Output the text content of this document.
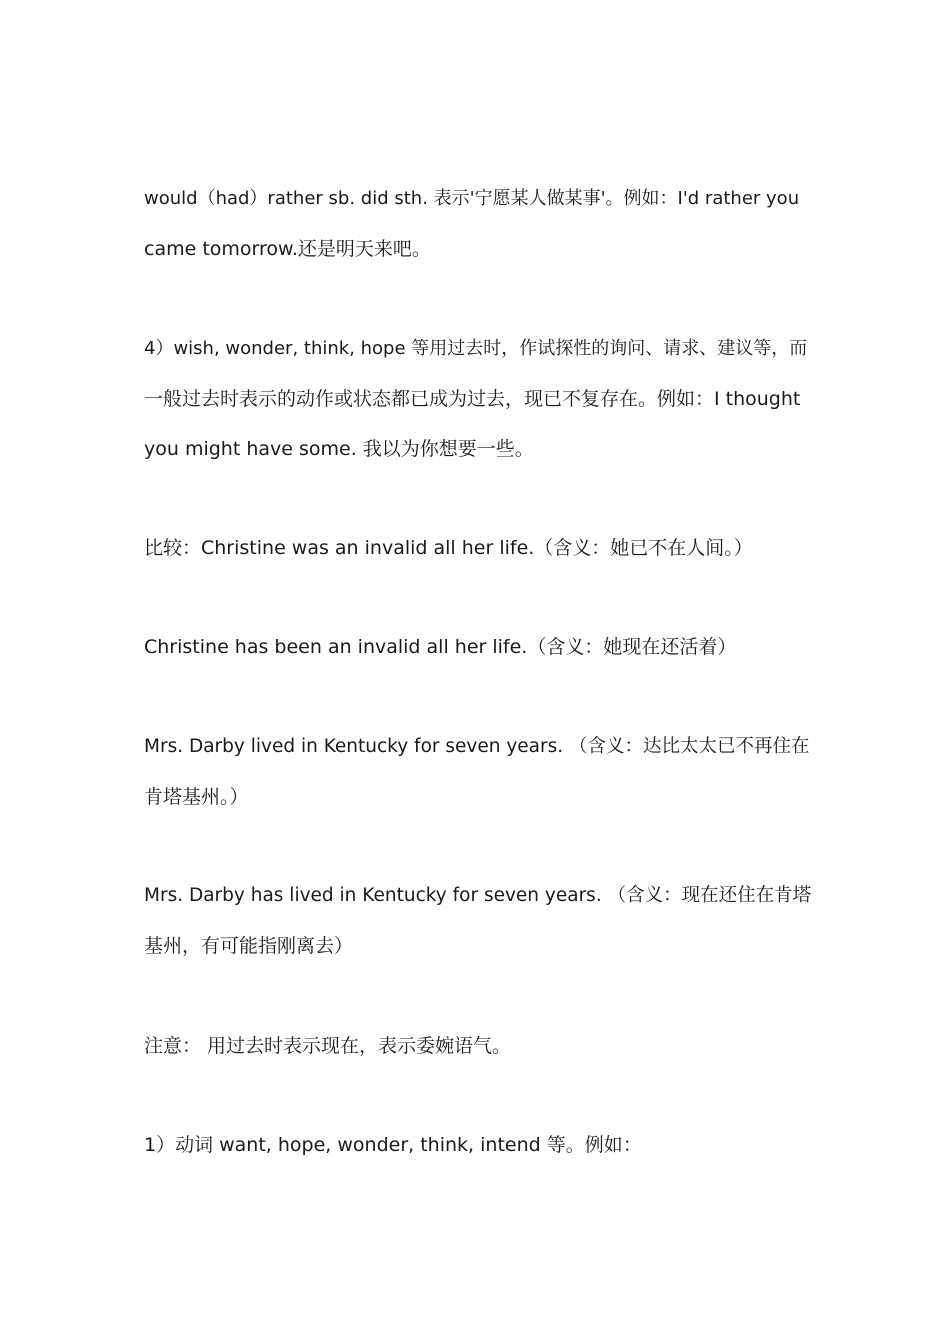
would（had）rather sb. did sth. 表示'宁愿某人做某事'。例如：I'd rather you
came tomorrow.还是明天来吧。
4）wish, wonder, think, hope 等用过去时，作试探性的询问、请求、建议等，而
一般过去时表示的动作或状态都已成为过去，现已不复存在。例如：I thought
you might have some. 我以为你想要一些。
比较：Christine was an invalid all her life.（含义：她已不在人间。）
Christine has been an invalid all her life.（含义：她现在还活着）
Mrs. Darby lived in Kentucky for seven years. （含义：达比太太已不再住在
肯塔基州。）
Mrs. Darby has lived in Kentucky for seven years. （含义：现在还住在肯塔
基州，有可能指刚离去）
注意： 用过去时表示现在，表示委婉语气。
1）动词 want, hope, wonder, think, intend 等。例如：
